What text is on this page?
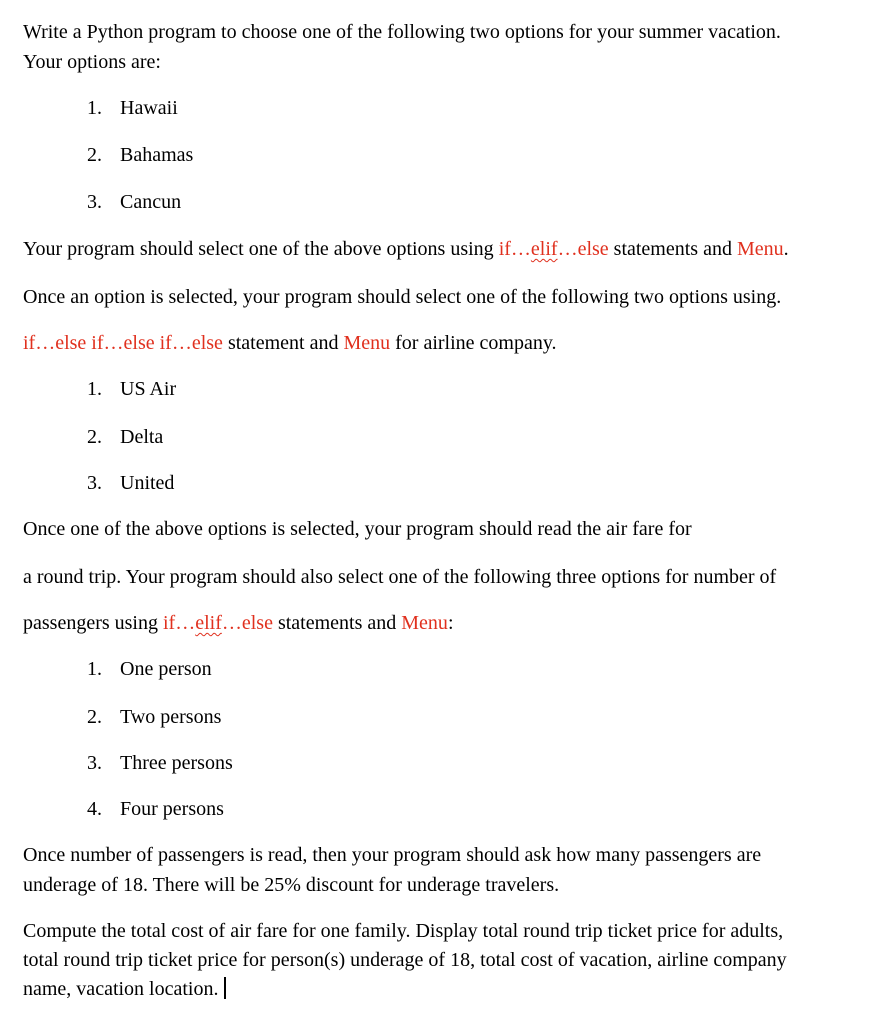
Write a Python program to choose one of the following two options for your summer vacation.
Your options are:
1. Hawaii
2. Bahamas
3. Cancun
Your program should select one of the above options using if…elif…else statements and Menu.
Once an option is selected, your program should select one of the following two options using.
if…else if…else if…else statement and Menu for airline company.
1. US Air
2. Delta
3. United
Once one of the above options is selected, your program should read the air fare for
a round trip. Your program should also select one of the following three options for number of
passengers using if…elif…else statements and Menu:
1. One person
2. Two persons
3. Three persons
4. Four persons
Once number of passengers is read, then your program should ask how many passengers are
underage of 18. There will be 25% discount for underage travelers.
Compute the total cost of air fare for one family. Display total round trip ticket price for adults,
total round trip ticket price for person(s) underage of 18, total cost of vacation, airline company
name, vacation location.
